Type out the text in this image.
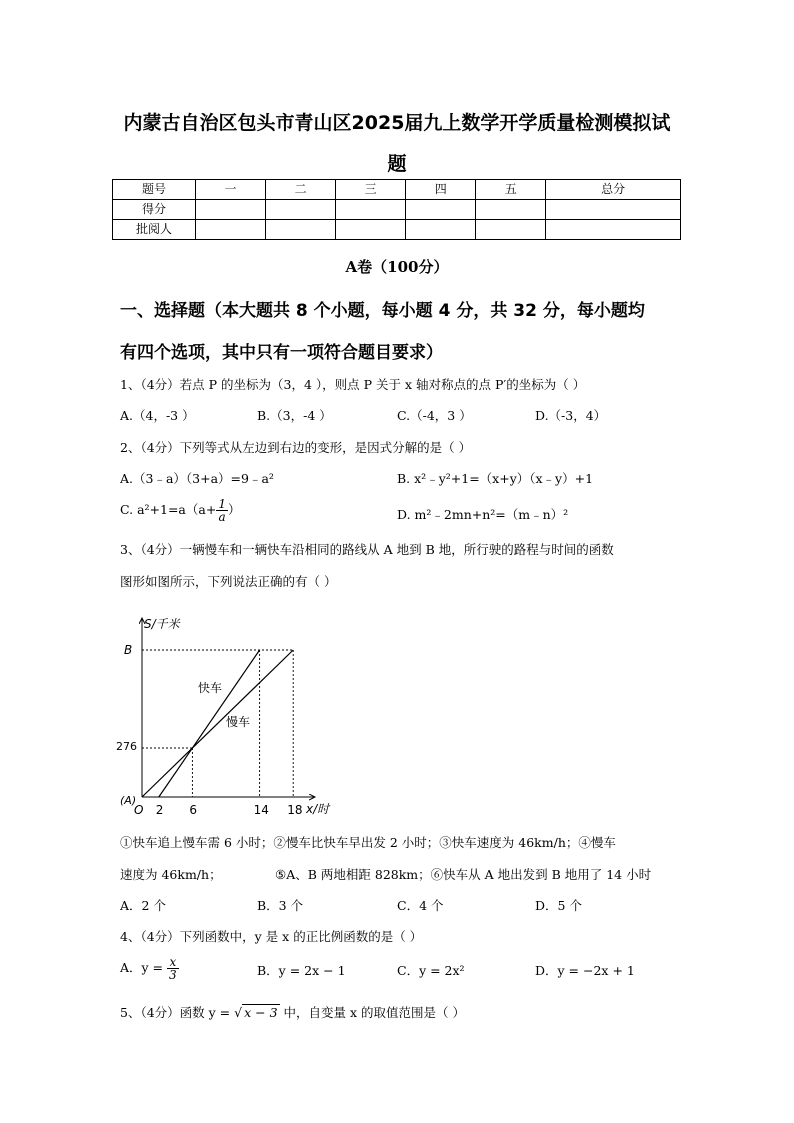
内蒙古自治区包头市青山区2025届九上数学开学质量检测模拟试
题
题号	一	二	三	四	五	总分
得分						
批阅人						
A卷（100分）
一、选择题（本大题共 8 个小题，每小题 4 分，共 32 分，每小题均
有四个选项，其中只有一项符合题目要求）
1、（4分）若点 P 的坐标为（3，4 ），则点 P 关于 x 轴对称点的点 P′的坐标为（ ）
A.（4，-3 ）	B.（3，-4 ）	C.（-4，3 ）	D.（-3，4）
2、（4分）下列等式从左边到右边的变形，是因式分解的是（ ）
A.（3﹣a）（3+a）=9﹣a²	B. x²﹣y²+1=（x+y）（x﹣y）+1
C. $a^2+1=a(a+ \frac{1}{a}$ ）	D. m²﹣2mn+n²=（m﹣n）²
3、（4分）一辆慢车和一辆快车沿相同的路线从 A 地到 B 地，所行驶的路程与时间的函数
图形如图所示，下列说法正确的有（ ）
S/千米
x/时
B
276
(A)
O 2 6	14 18
快车
慢车
①快车追上慢车需 6 小时；②慢车比快车早出发 2 小时；③快车速度为 46km/h；④慢车
速度为 46km/h；	⑤A、B 两地相距 828km；⑥快车从 A 地出发到 B 地用了 14 小时
A．2 个	B．3 个	C．4 个	D．5 个
4、（4分）下列函数中，y 是 x 的正比例函数的是（ ）
A．$y = \frac{x}{3}$	B．y = 2x − 1	C．y = 2x²	D．y = −2x + 1
5、（4分）函数 y = √ x − 3 中，自变量 x 的取值范围是（ ）
